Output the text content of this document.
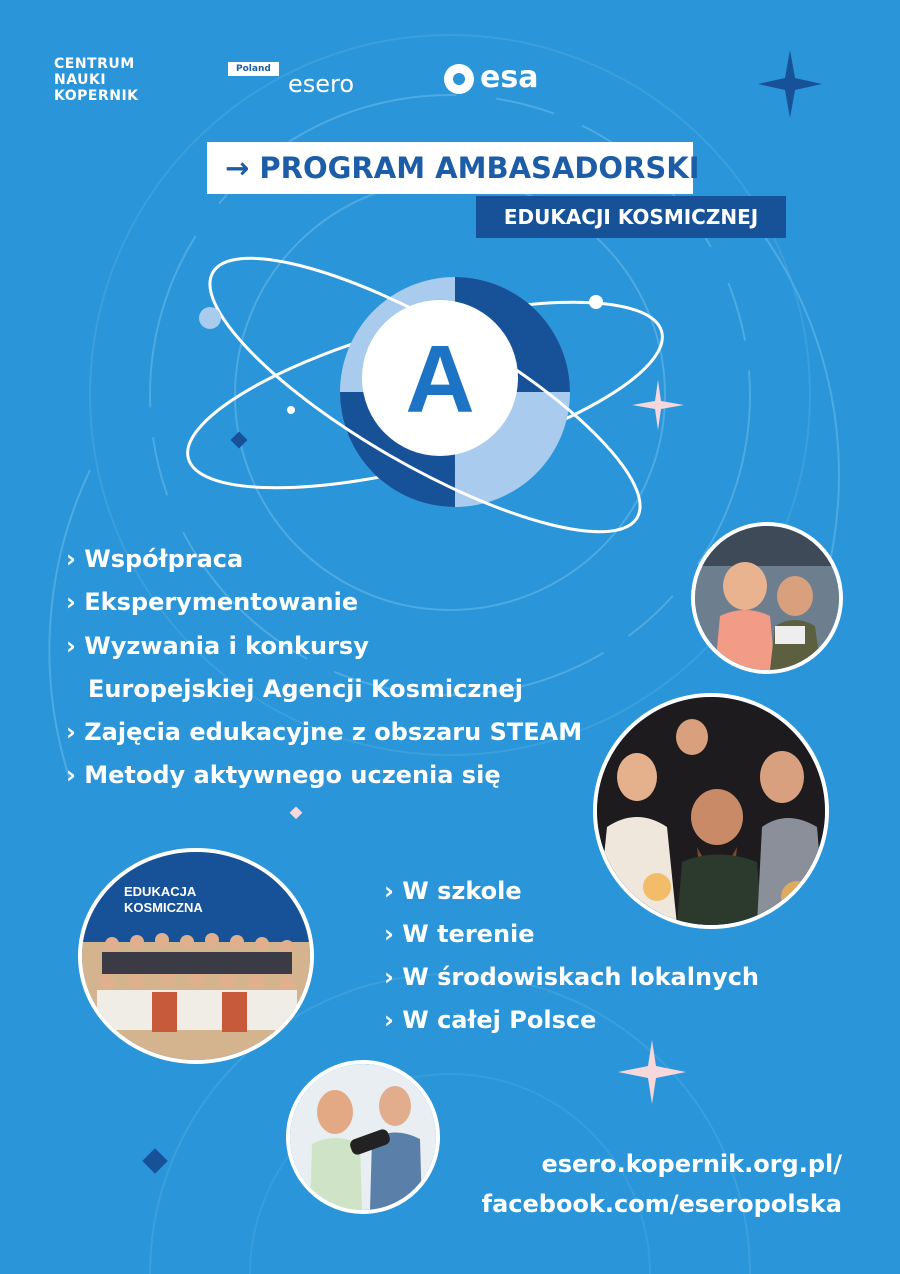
CENTRUM
NAUKI
KOPERNIK
Poland
esero	esa
→ PROGRAM AMBASADORSKI
EDUKACJI KOSMICZNEJ
A
› Współpraca
› Eksperymentowanie
› Wyzwania i konkursy
Europejskiej Agencji Kosmicznej
› Zajęcia edukacyjne z obszaru STEAM
› Metody aktywnego uczenia się
› W szkole
› W terenie
› W środowiskach lokalnych
› W całej Polsce
EDUKACJA
KOSMICZNA
esero.kopernik.org.pl/
facebook.com/eseropolska
